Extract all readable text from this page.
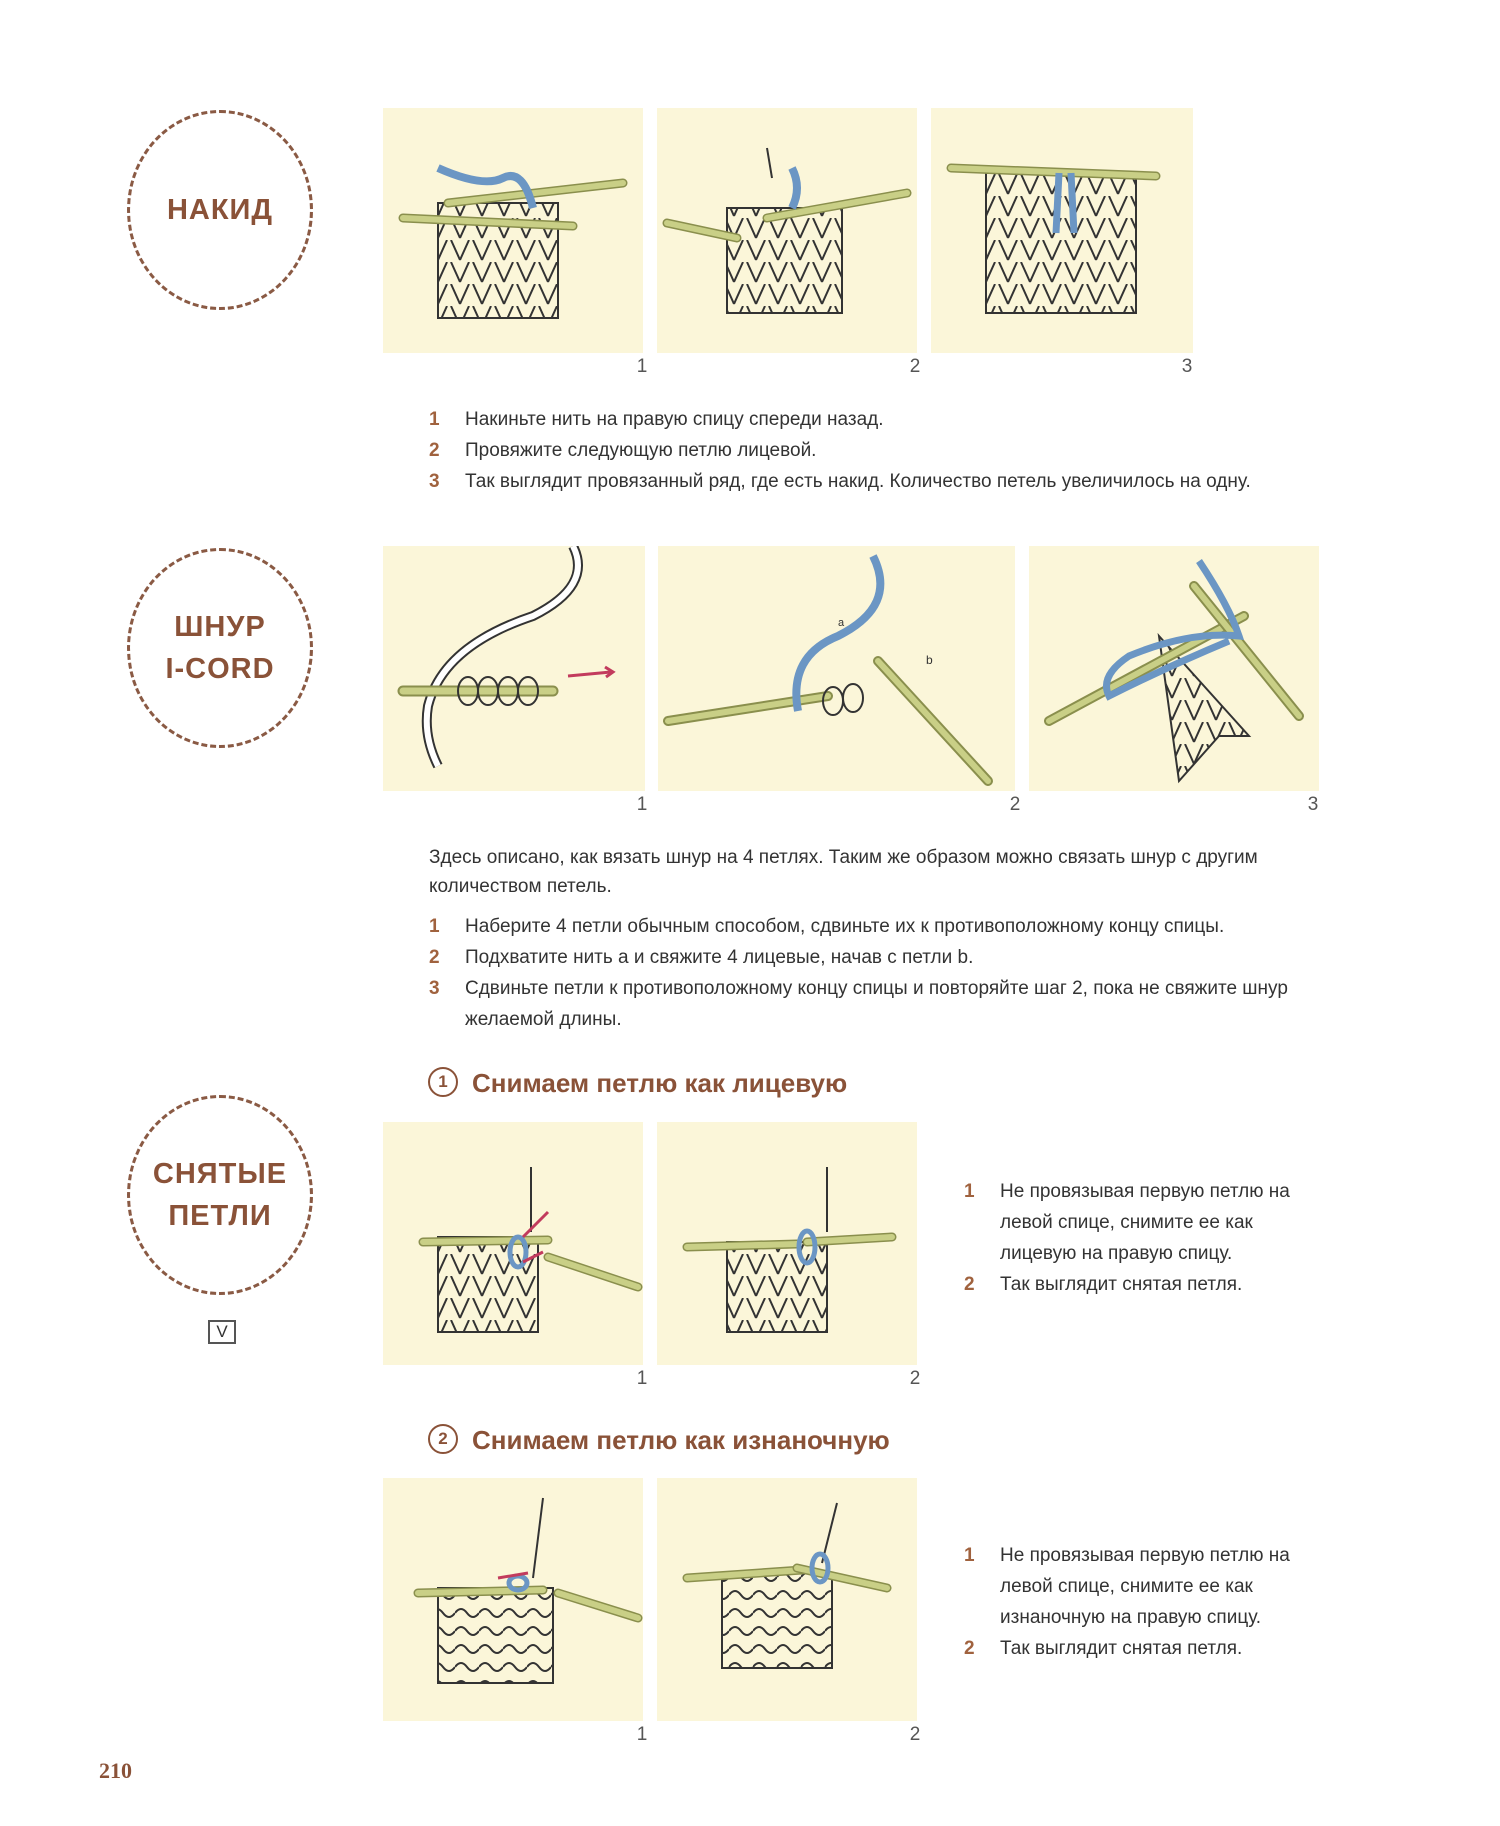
НАКИД
1	2	3
1 Накиньте нить на правую спицу спереди назад.
2 Провяжите следующую петлю лицевой.
3 Так выглядит провязанный ряд, где есть накид. Количество петель увеличилось на одну.
ШНУР
I-CORD
a
b
1	2	3

Здесь описано, как вязать шнур на 4 петлях. Таким же образом можно связать шнур с другим количеством петель.

1 Наберите 4 петли обычным способом, сдвиньте их к противоположному концу спицы.
2 Подхватите нить а и свяжите 4 лицевые, начав с петли b.
3 Сдвиньте петли к противоположному концу спицы и повторяйте шаг 2, пока не свяжите шнур желаемой длины.
СНЯТЫЕ
ПЕТЛИ
V
1 Снимаем петлю как лицевую
1	2
1 Не провязывая первую петлю на левой спице, снимите ее как лицевую на правую спицу.
2 Так выглядит снятая петля.
2 Снимаем петлю как изнаночную
1	2
1 Не провязывая первую петлю на левой спице, снимите ее как изнаночную на правую спицу.
2 Так выглядит снятая петля.
210
